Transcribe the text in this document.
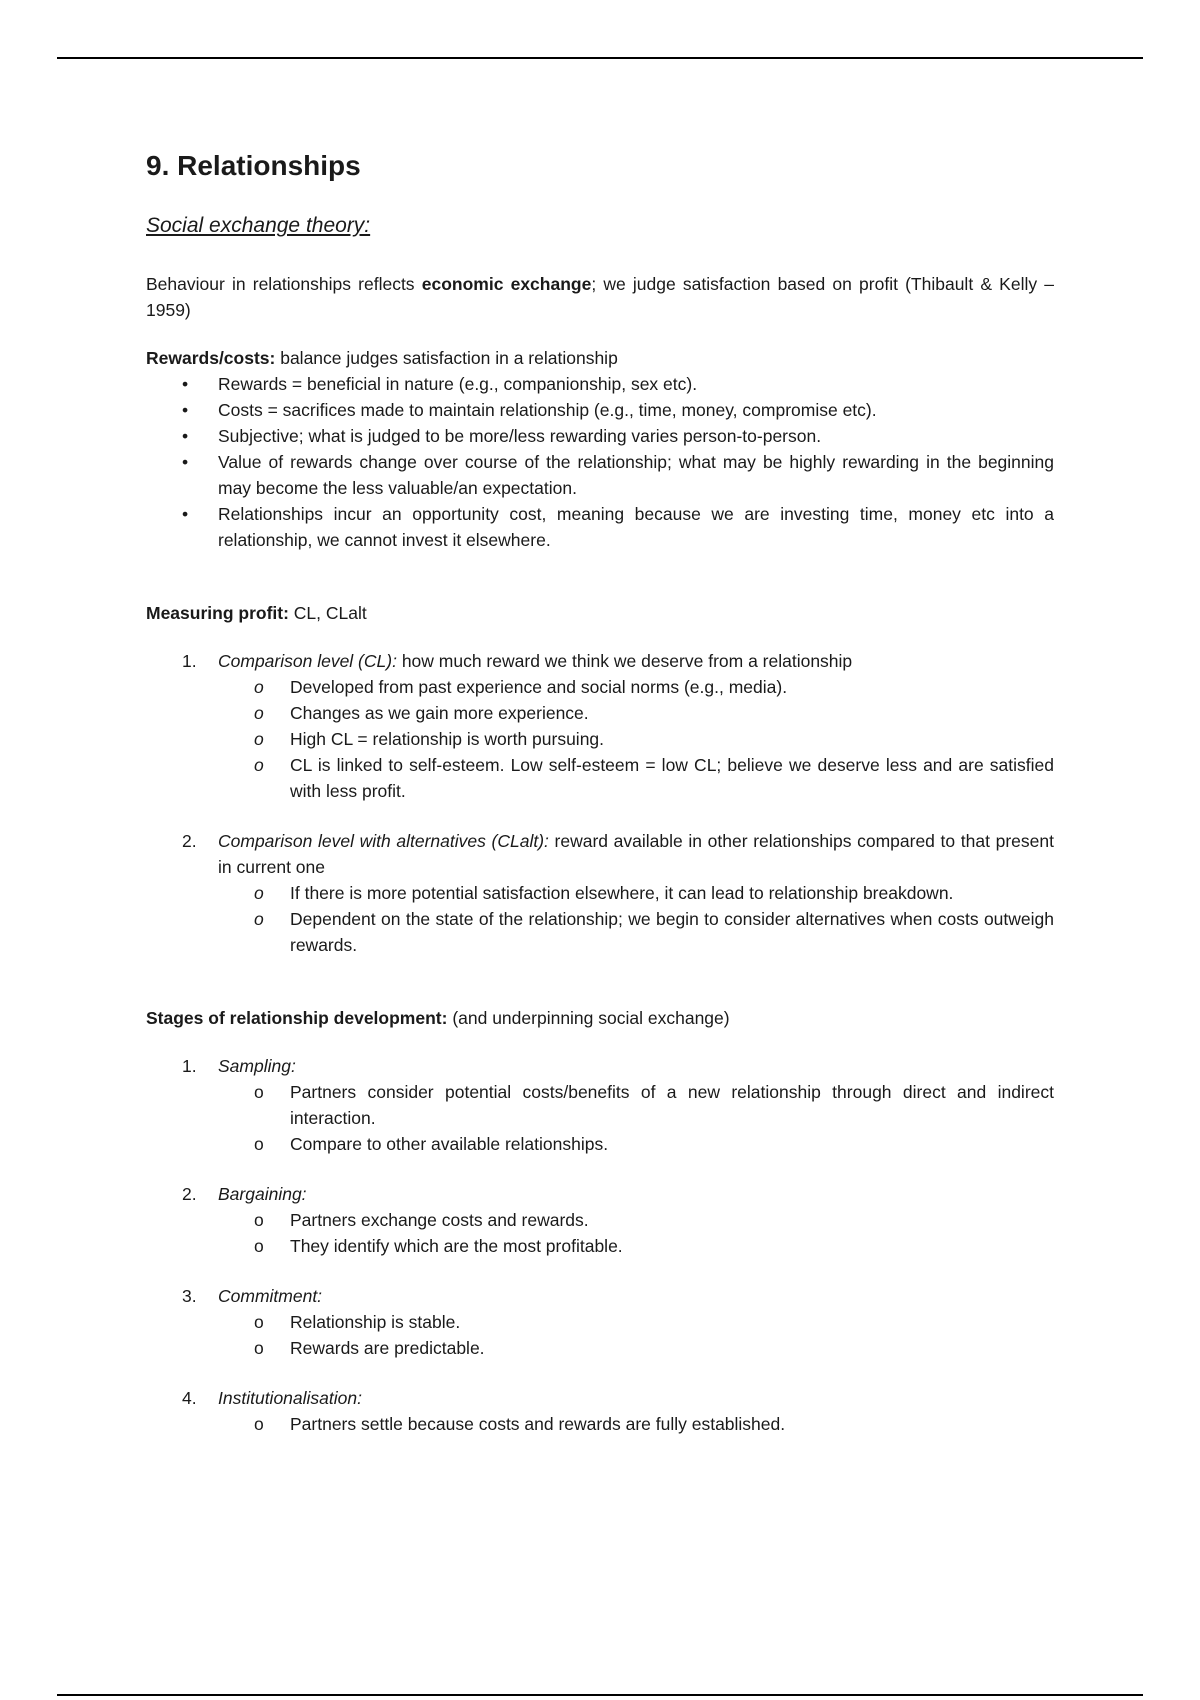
9. Relationships
Social exchange theory:

Behaviour in relationships reflects economic exchange; we judge satisfaction based on profit (Thibault & Kelly – 1959)

Rewards/costs: balance judges satisfaction in a relationship

• Rewards = beneficial in nature (e.g., companionship, sex etc).
• Costs = sacrifices made to maintain relationship (e.g., time, money, compromise etc).
• Subjective; what is judged to be more/less rewarding varies person-to-person.
• Value of rewards change over course of the relationship; what may be highly rewarding in the beginning may become the less valuable/an expectation.
• Relationships incur an opportunity cost, meaning because we are investing time, money etc into a relationship, we cannot invest it elsewhere.

Measuring profit: CL, CLalt

1. Comparison level (CL): how much reward we think we deserve from a relationship
o Developed from past experience and social norms (e.g., media).
o Changes as we gain more experience.
o High CL = relationship is worth pursuing.
o CL is linked to self-esteem. Low self-esteem = low CL; believe we deserve less and are satisfied with less profit.
2. Comparison level with alternatives (CLalt): reward available in other relationships compared to that present in current one
o If there is more potential satisfaction elsewhere, it can lead to relationship breakdown.
o Dependent on the state of the relationship; we begin to consider alternatives when costs outweigh rewards.

Stages of relationship development: (and underpinning social exchange)

1. Sampling:
o Partners consider potential costs/benefits of a new relationship through direct and indirect interaction.
o Compare to other available relationships.
2. Bargaining:
o Partners exchange costs and rewards.
o They identify which are the most profitable.
3. Commitment:
o Relationship is stable.
o Rewards are predictable.
4. Institutionalisation:
o Partners settle because costs and rewards are fully established.
